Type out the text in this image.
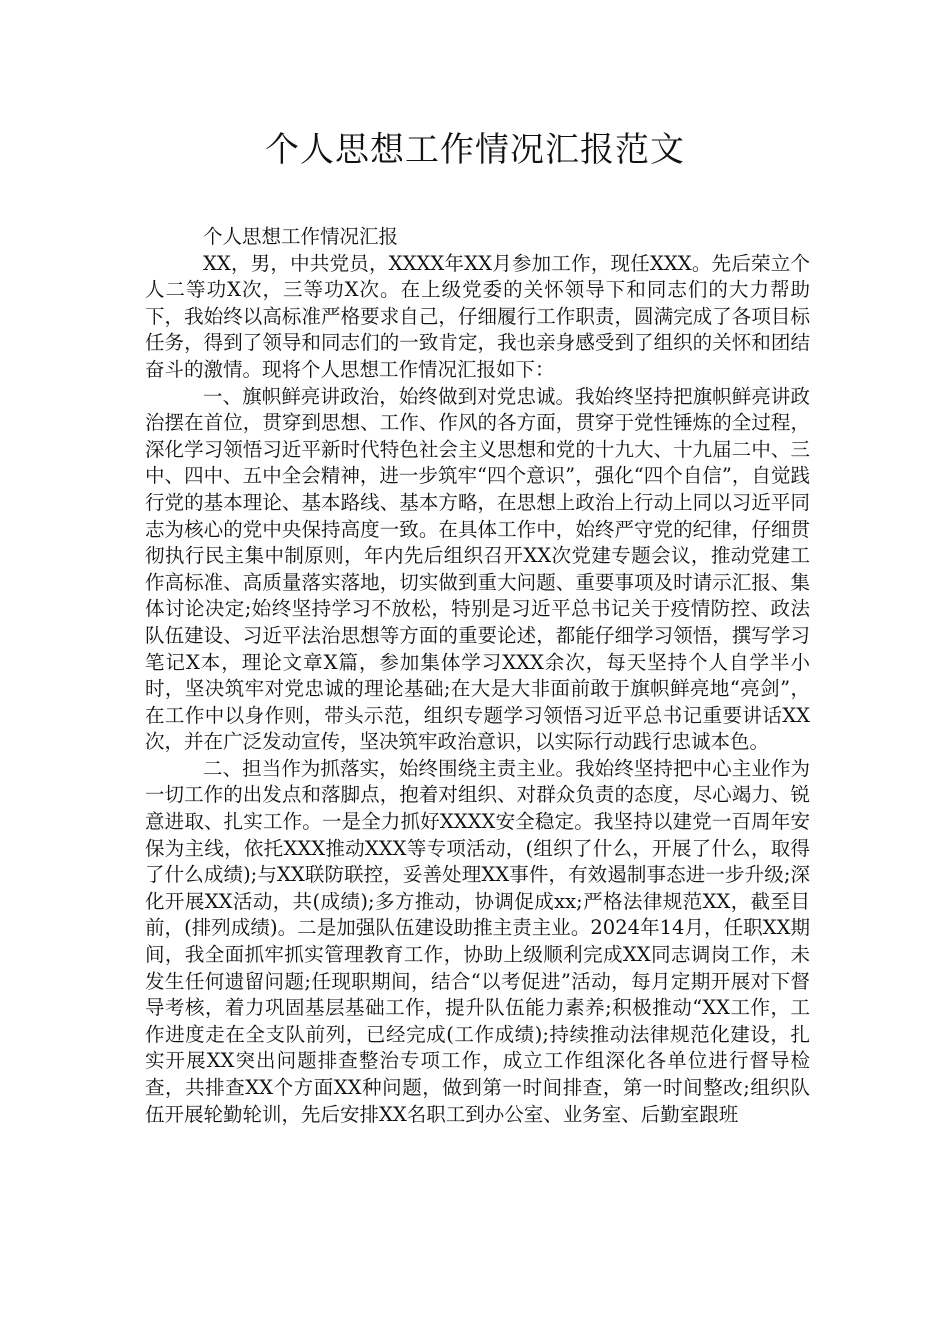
个人思想工作情况汇报范文

个人思想工作情况汇报

XX，男，中共党员，XXXX年XX月参加工作，现任XXX。先后荣立个人二等功X次，三等功X次。在上级党委的关怀领导下和同志们的大力帮助下，我始终以高标准严格要求自己，仔细履行工作职责，圆满完成了各项目标任务，得到了领导和同志们的一致肯定，我也亲身感受到了组织的关怀和团结奋斗的激情。现将个人思想工作情况汇报如下：

一、旗帜鲜亮讲政治，始终做到对党忠诚。我始终坚持把旗帜鲜亮讲政治摆在首位，贯穿到思想、工作、作风的各方面，贯穿于党性锤炼的全过程，深化学习领悟习近平新时代特色社会主义思想和党的十九大、十九届二中、三中、四中、五中全会精神，进一步筑牢“四个意识”，强化“四个自信”，自觉践行党的基本理论、基本路线、基本方略，在思想上政治上行动上同以习近平同志为核心的党中央保持高度一致。在具体工作中，始终严守党的纪律，仔细贯彻执行民主集中制原则，年内先后组织召开XX次党建专题会议，推动党建工作高标准、高质量落实落地，切实做到重大问题、重要事项及时请示汇报、集体讨论决定;始终坚持学习不放松，特别是习近平总书记关于疫情防控、政法队伍建设、习近平法治思想等方面的重要论述，都能仔细学习领悟，撰写学习笔记X本，理论文章X篇，参加集体学习XXX余次，每天坚持个人自学半小时，坚决筑牢对党忠诚的理论基础;在大是大非面前敢于旗帜鲜亮地“亮剑”，在工作中以身作则，带头示范，组织专题学习领悟习近平总书记重要讲话XX次，并在广泛发动宣传，坚决筑牢政治意识，以实际行动践行忠诚本色。

二、担当作为抓落实，始终围绕主责主业。我始终坚持把中心主业作为一切工作的出发点和落脚点，抱着对组织、对群众负责的态度，尽心竭力、锐意进取、扎实工作。一是全力抓好XXXX安全稳定。我坚持以建党一百周年安保为主线，依托XXX推动XXX等专项活动，(组织了什么，开展了什么，取得了什么成绩);与XX联防联控，妥善处理XX事件，有效遏制事态进一步升级;深化开展XX活动，共(成绩);多方推动，协调促成xx;严格法律规范XX，截至目前，(排列成绩)。二是加强队伍建设助推主责主业。2024年14月，任职XX期间，我全面抓牢抓实管理教育工作，协助上级顺利完成XX同志调岗工作，未发生任何遗留问题;任现职期间，结合“以考促进”活动，每月定期开展对下督导考核，着力巩固基层基础工作，提升队伍能力素养;积极推动“XX工作，工作进度走在全支队前列，已经完成(工作成绩);持续推动法律规范化建设，扎实开展XX突出问题排查整治专项工作，成立工作组深化各单位进行督导检查，共排查XX个方面XX种问题，做到第一时间排查，第一时间整改;组织队伍开展轮勤轮训，先后安排XX名职工到办公室、业务室、后勤室跟班
